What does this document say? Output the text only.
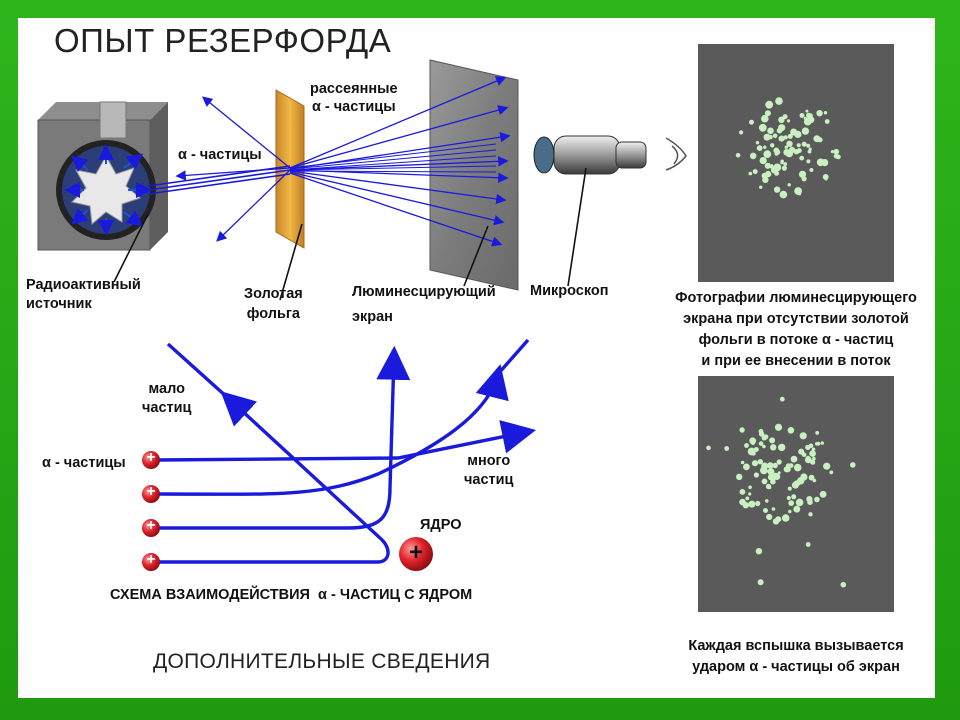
ОПЫТ РЕЗЕРФОРДА
+
+
+
+	+
рассеянные
α - частицы
α - частицы
Радиоактивный
источник
Золотая
фольга
Люминесцирующий
экран
Микроскоп	Фотографии люминесцирующего
экрана при отсутствии золотой
фольги в потоке α - частиц
и при ее внесении в поток
Каждая вспышка вызывается
ударом α - частицы об экран
мало
частиц
α - частицы	много
частиц
ЯДРО
СХЕМА ВЗАИМОДЕЙСТВИЯ  α - ЧАСТИЦ С ЯДРОМ
ДОПОЛНИТЕЛЬНЫЕ СВЕДЕНИЯ
